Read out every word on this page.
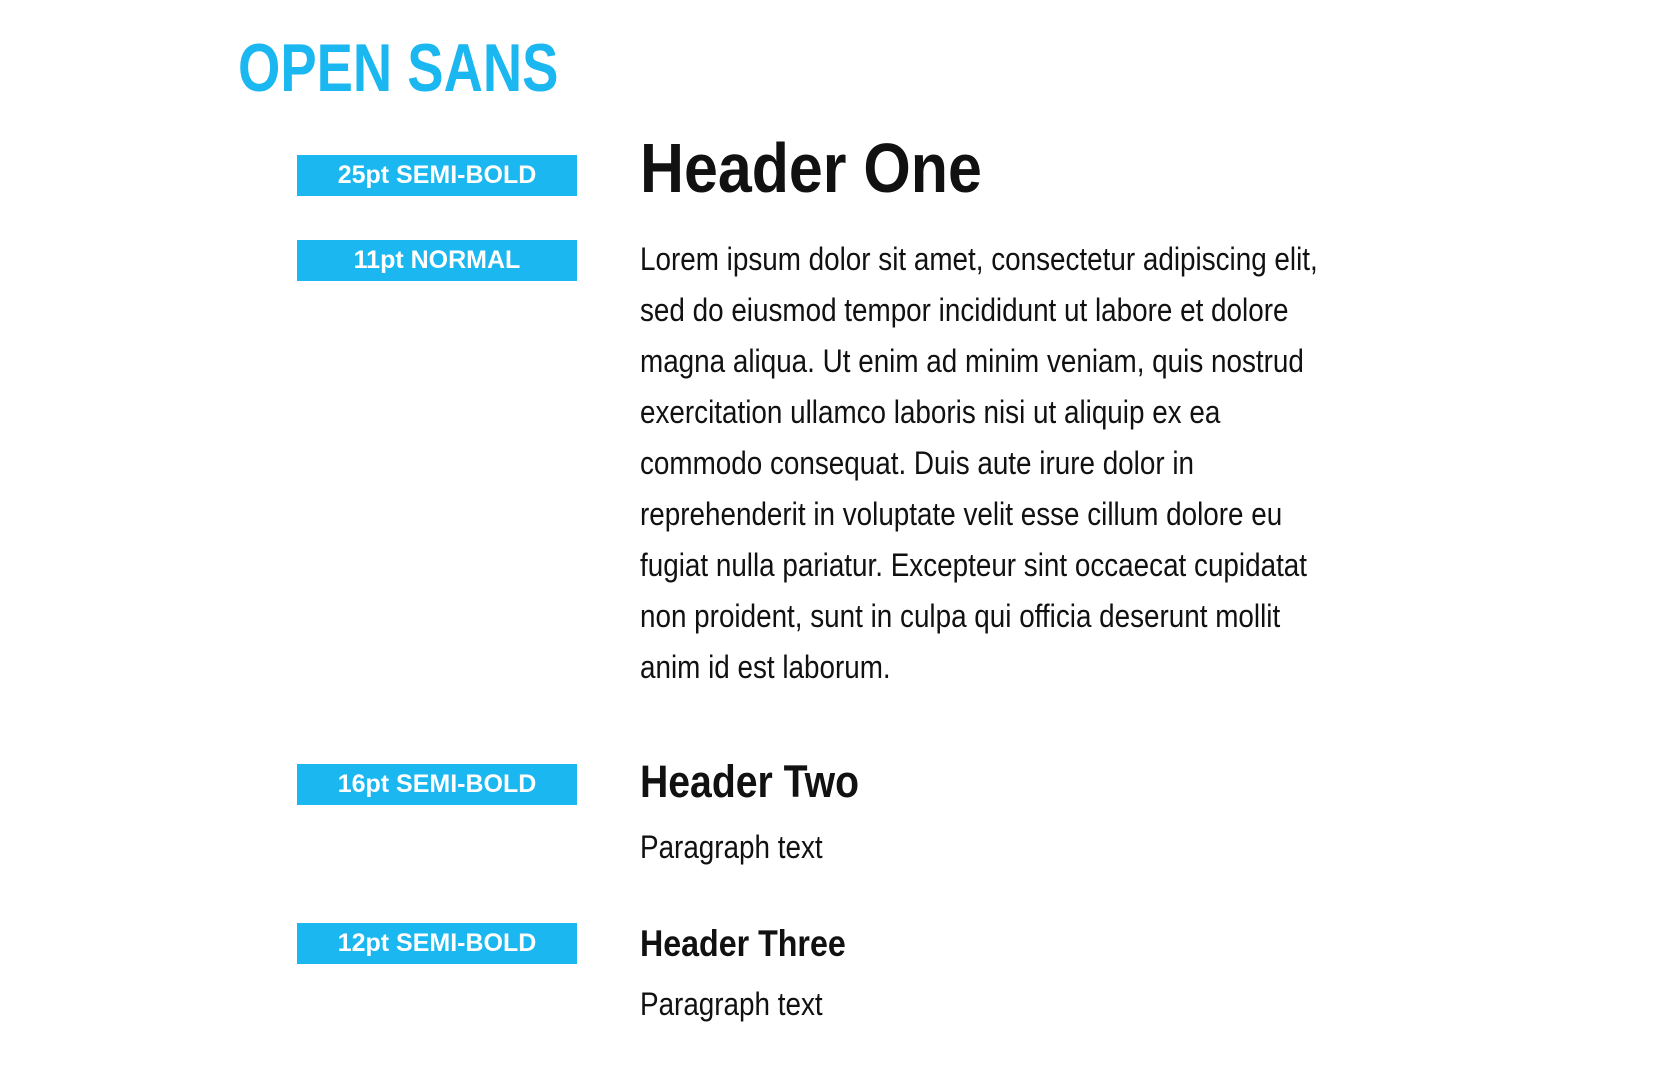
OPEN SANS
25pt SEMI-BOLD	Header One
11pt NORMAL	Lorem ipsum dolor sit amet, consectetur adipiscing elit,
sed do eiusmod tempor incididunt ut labore et dolore
magna aliqua. Ut enim ad minim veniam, quis nostrud
exercitation ullamco laboris nisi ut aliquip ex ea
commodo consequat. Duis aute irure dolor in
reprehenderit in voluptate velit esse cillum dolore eu
fugiat nulla pariatur. Excepteur sint occaecat cupidatat
non proident, sunt in culpa qui officia deserunt mollit
anim id est laborum.
16pt SEMI-BOLD	Header Two
Paragraph text
12pt SEMI-BOLD	Header Three
Paragraph text
